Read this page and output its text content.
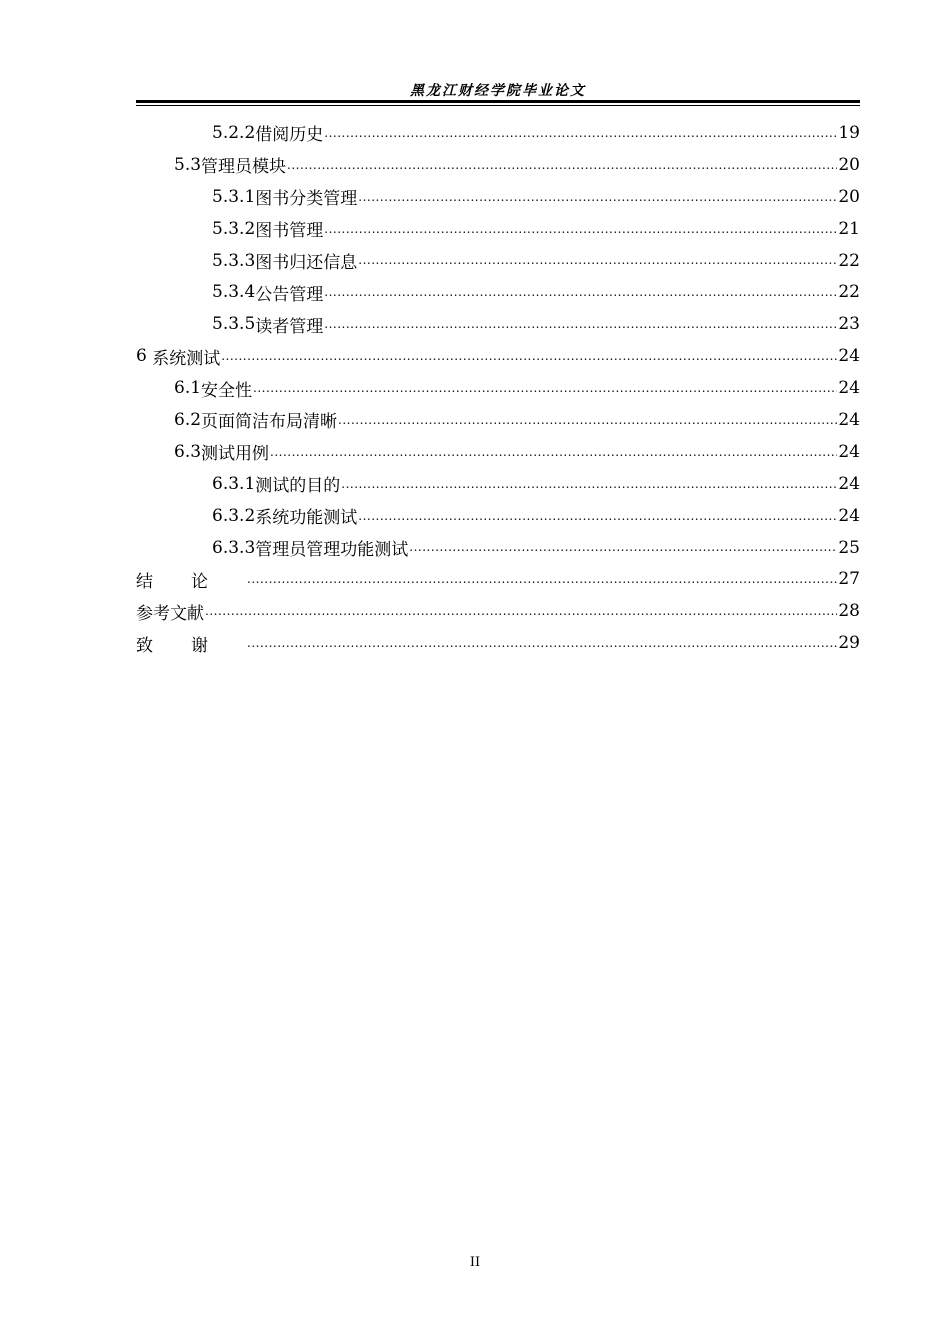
黑龙江财经学院毕业论文
5.2.2 借阅历史 .....	19
5.3 管理员模块 .....	20
5.3.1 图书分类管理 .....	20
5.3.2 图书管理 .....	21
5.3.3 图书归还信息 .....	22
5.3.4 公告管理 .....	22
5.3.5 读者管理 .....	23
6 系统测试 .....	24
6.1 安全性 .....	24
6.2 页面简洁布局清晰 .....	24
6.3 测试用例 .....	24
6.3.1 测试的目的 .....	24
6.3.2 系统功能测试 .....	24
6.3.3 管理员管理功能测试 .....	25
结论 .....	27
参考文献 .....	28
致谢 .....	29
II
